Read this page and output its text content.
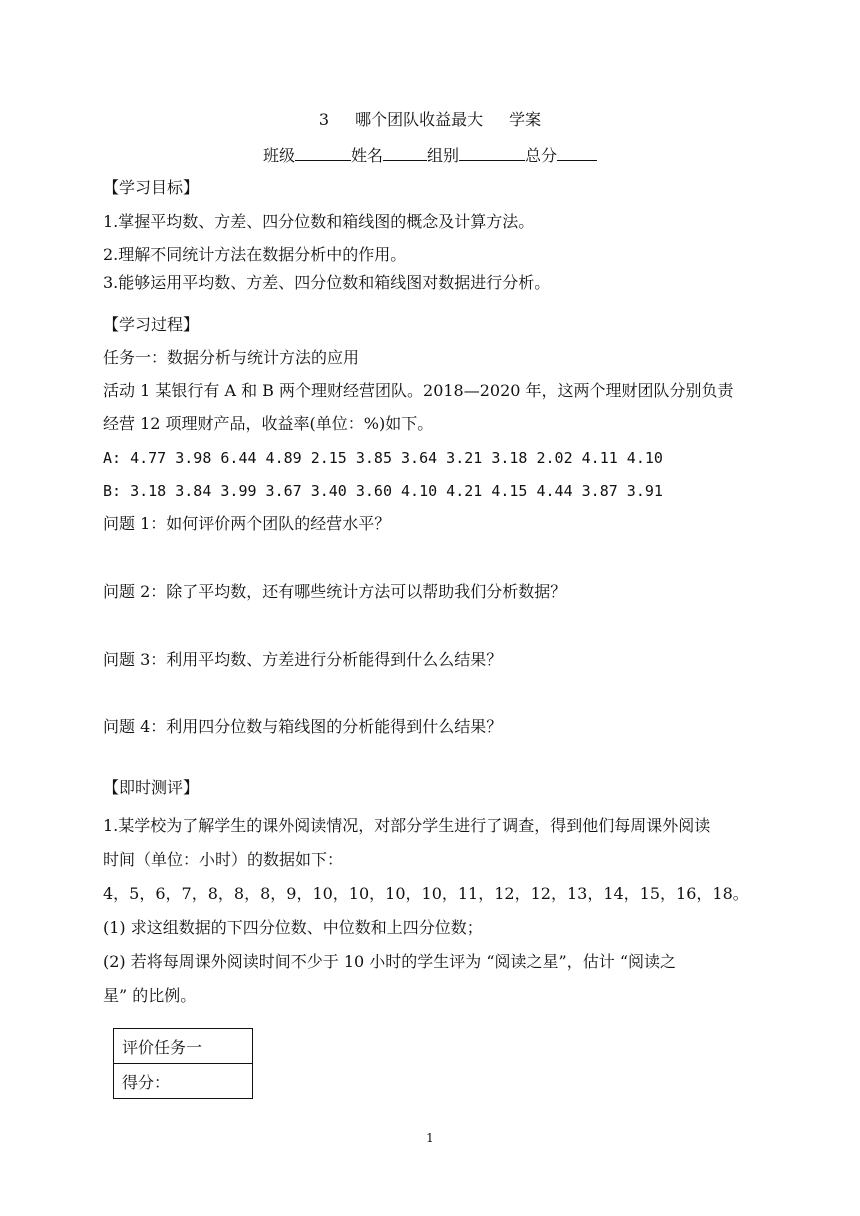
3 哪个团队收益最大 学案
班级	姓名	组别	总分
【学习目标】
1.掌握平均数、方差、四分位数和箱线图的概念及计算方法。
2.理解不同统计方法在数据分析中的作用。
3.能够运用平均数、方差、四分位数和箱线图对数据进行分析。
【学习过程】
任务一：数据分析与统计方法的应用
活动 1 某银行有 A 和 B 两个理财经营团队。2018—2020 年，这两个理财团队分别负责
经营 12 项理财产品，收益率(单位：%)如下。
A: 4.77 3.98 6.44 4.89 2.15 3.85 3.64 3.21 3.18 2.02 4.11 4.10
B: 3.18 3.84 3.99 3.67 3.40 3.60 4.10 4.21 4.15 4.44 3.87 3.91
问题 1：如何评价两个团队的经营水平？
问题 2：除了平均数，还有哪些统计方法可以帮助我们分析数据？
问题 3：利用平均数、方差进行分析能得到什么么结果？
问题 4：利用四分位数与箱线图的分析能得到什么结果？
【即时测评】
1.某学校为了解学生的课外阅读情况，对部分学生进行了调查，得到他们每周课外阅读
时间（单位：小时）的数据如下：
4，5，6，7，8，8，8，9，10，10，10，10，11，12，12，13，14，15，16，18。
(1) 求这组数据的下四分位数、中位数和上四分位数；
(2) 若将每周课外阅读时间不少于 10 小时的学生评为 “阅读之星”，估计 “阅读之
星” 的比例。
评价任务一
得分：
1
